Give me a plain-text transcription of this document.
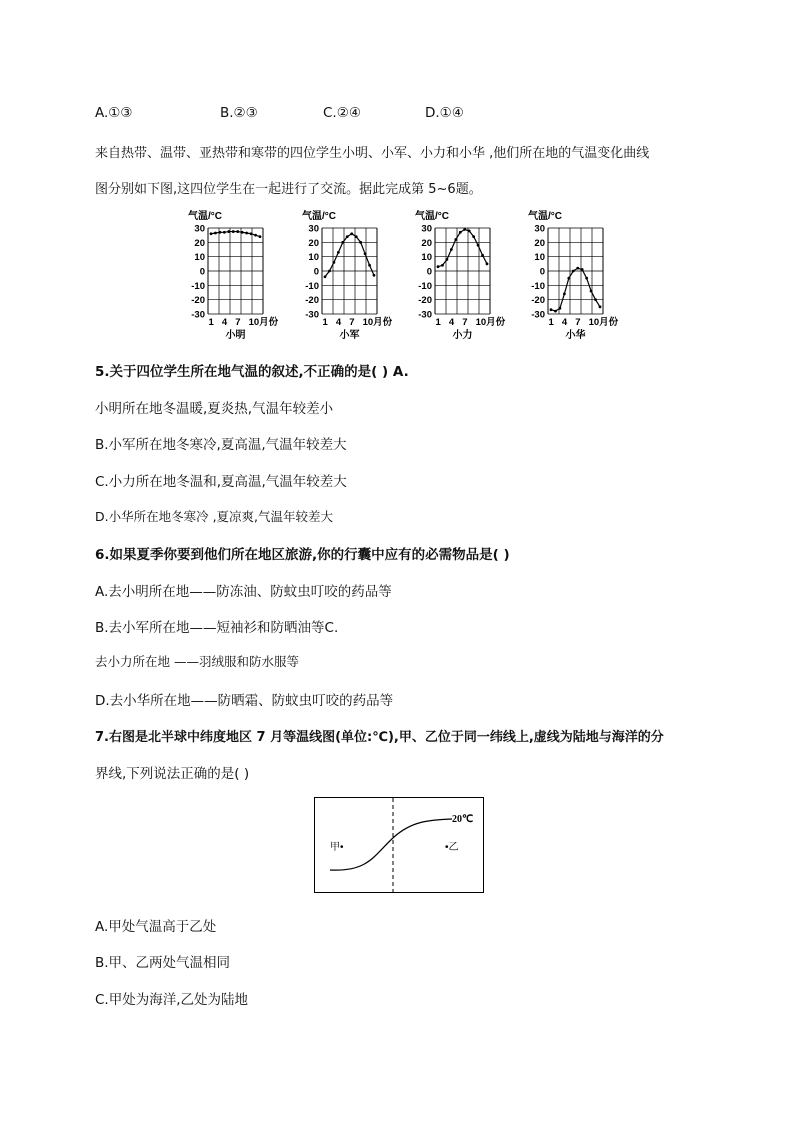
A.①③	B.②③	C.②④	D.①④
来自热带、温带、亚热带和寒带的四位学生小明、小军、小力和小华 ,他们所在地的气温变化曲线
图分别如下图,这四位学生在一起进行了交流。据此完成第 5~6题。
气温/°C
30
20
10
0
-10
-20
-30
1 4 7 10月份
小明
气温/°C
30
20
10
0
-10
-20
-30
1 4 7 10月份
小军
气温/°C
30
20
10
0
-10
-20
-30
1 4 7 10月份
小力
气温/°C
30
20
10
0
-10
-20
-30
1 4 7 10月份
小华
5.关于四位学生所在地气温的叙述,不正确的是( ) A.
小明所在地冬温暖,夏炎热,气温年较差小
B.小军所在地冬寒冷,夏高温,气温年较差大
C.小力所在地冬温和,夏高温,气温年较差大
D.小华所在地冬寒冷 ,夏凉爽,气温年较差大
6.如果夏季你要到他们所在地区旅游,你的行囊中应有的必需物品是( )
A.去小明所在地——防冻油、防蚊虫叮咬的药品等
B.去小军所在地——短袖衫和防晒油等C.
去小力所在地 ——羽绒服和防水服等
D.去小华所在地——防晒霜、防蚊虫叮咬的药品等
7.右图是北半球中纬度地区 7 月等温线图(单位:℃),甲、乙位于同一纬线上,虚线为陆地与海洋的分
界线,下列说法正确的是( )
20℃
甲•	•乙
A.甲处气温高于乙处
B.甲、乙两处气温相同
C.甲处为海洋,乙处为陆地
